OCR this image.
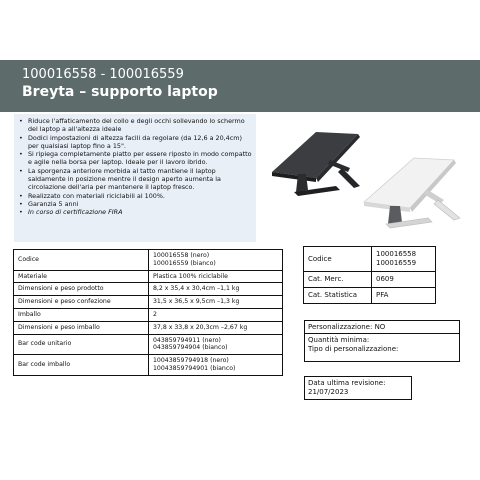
100016558 - 100016559
Breyta – supporto laptop
• Riduce l'affaticamento del collo e degli occhi sollevando lo schermo del laptop a all'altezza ideale
• Dodici impostazioni di altezza facili da regolare (da 12,6 a 20,4cm) per qualsiasi laptop fino a 15".
• Si ripiega completamente piatto per essere riposto in modo compatto e agile nella borsa per laptop. Ideale per il lavoro ibrido.
• La sporgenza anteriore morbida al tatto mantiene il laptop saldamente in posizione mentre il design aperto aumenta la circolazione dell'aria per mantenere il laptop fresco.
• Realizzato con materiali riciclabili al 100%.
• Garanzia 5 anni
• In corso di certificazione FIRA
Codice	100016558 (nero)
100016559 (bianco)
Materiale	Plastica 100% riciclabile
Dimensioni e peso prodotto	8,2 x 35,4 x 30,4cm –1,1 kg
Dimensioni e peso confezione	31,5 x 36,5 x 9,5cm –1,3 kg
Imballo	2
Dimensioni e peso imballo	37,8 x 33,8 x 20,3cm –2,67 kg
Bar code unitario	043859794911 (nero)
043859794904 (bianco)
Bar code imballo	10043859794918 (nero)
10043859794901 (bianco)
Codice	100016558
100016559
Cat. Merc.	0609
Cat. Statistica	PFA
Personalizzazione: NO
Quantità minima:
Tipo di personalizzazione:
Data ultima revisione:
21/07/2023
